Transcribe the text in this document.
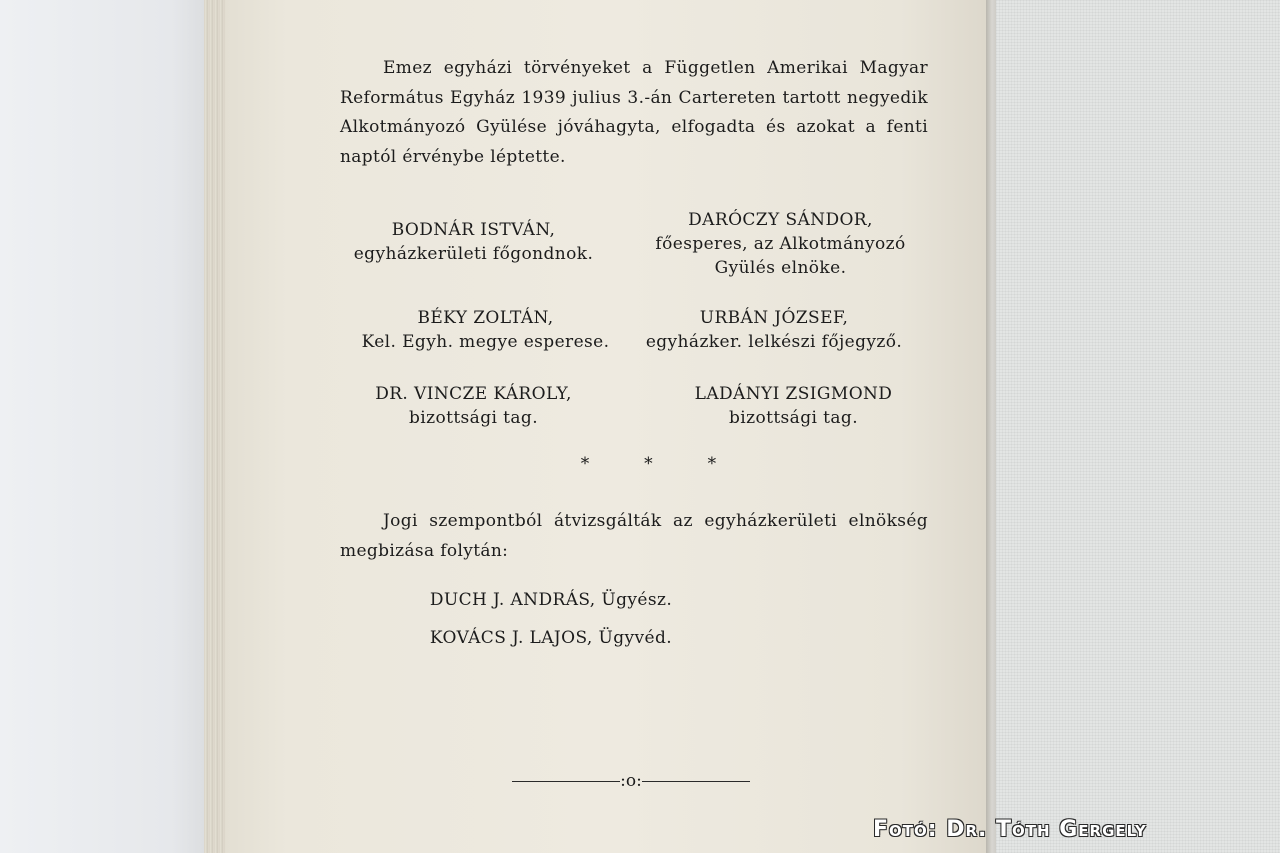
Emez egyházi törvényeket a Független Amerikai Magyar Református Egyház 1939 julius 3.-án Cartereten tartott negyedik Alkotmányozó Gyülése jóváhagyta, elfogadta és azokat a fenti naptól érvénybe léptette.

BODNÁR ISTVÁN,
egyházkerületi főgondnok.
DARÓCZY SÁNDOR,
főesperes, az Alkotmányozó
Gyülés elnöke.
BÉKY ZOLTÁN,
Kel. Egyh. megye esperese.
URBÁN JÓZSEF,
egyházker. lelkészi főjegyző.
DR. VINCZE KÁROLY,
bizottsági tag.
LADÁNYI ZSIGMOND
bizottsági tag.
*	*	*

Jogi szempontból átvizsgálták az egyházkerületi elnökség megbizása folytán:

DUCH J. ANDRÁS, Ügyész.
KOVÁCS J. LAJOS, Ügyvéd.
:o:
Fotó: Dr. Tóth Gergely
